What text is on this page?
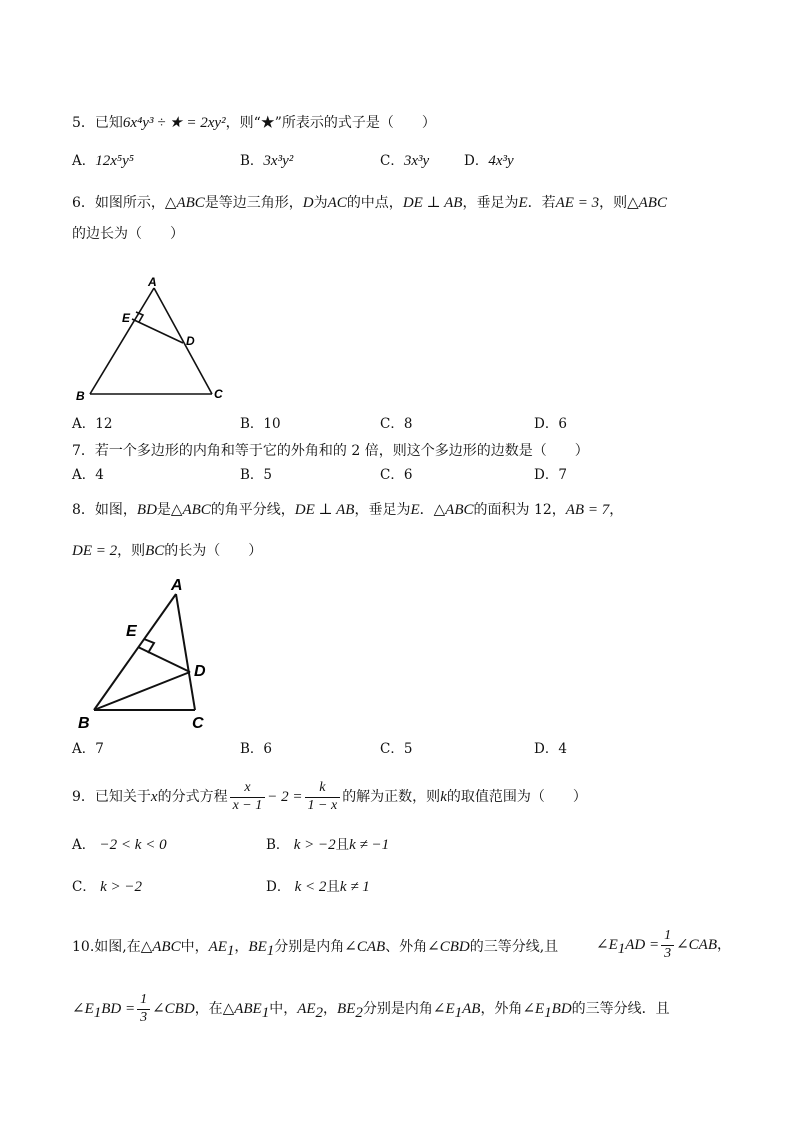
5．已知6x⁴y³ ÷ ★ = 2xy²，则“★”所表示的式子是（　　）
A．12x⁵y⁵	B．3x³y²	C．3x³y	D．4x³y
6．如图所示，△ABC是等边三角形，D为AC的中点，DE ⊥ AB，垂足为E．若AE = 3，则△ABC
的边长为（　　）
A
E
D
B	C
A．12	B．10	C．8	D．6
7．若一个多边形的内角和等于它的外角和的 2 倍，则这个多边形的边数是（　　）
A．4	B．5	C．6	D．7
8．如图，BD是△ABC的角平分线，DE ⊥ AB，垂足为E．△ABC的面积为 12，AB = 7，
DE = 2，则BC的长为（　　）
A
E
D
B	C
A．7	B．6	C．5	D．4
9．已知关于x的分式方程 $\frac{x}{x - 1} - 2 = \frac{k}{1 - x}$ 的解为正数，则k的取值范围为（　　）
A． −2 < k < 0	B． k > −2且k ≠ −1
C． k > −2	D． k < 2且k ≠ 1
10.如图,在△ABC中，$AE_1$，$BE_1$分别是内角∠CAB、外角∠CBD的三等分线,且	$\angle E_1AD = \frac{1}{3}$ ∠CAB，
$\angle E_1BD = \frac{1}{3}$ ∠CBD，在$\triangle ABE_1$中，$AE_2$，$BE_2$分别是内角$\angle E_1AB$，外角$\angle E_1BD$的三等分线．且
